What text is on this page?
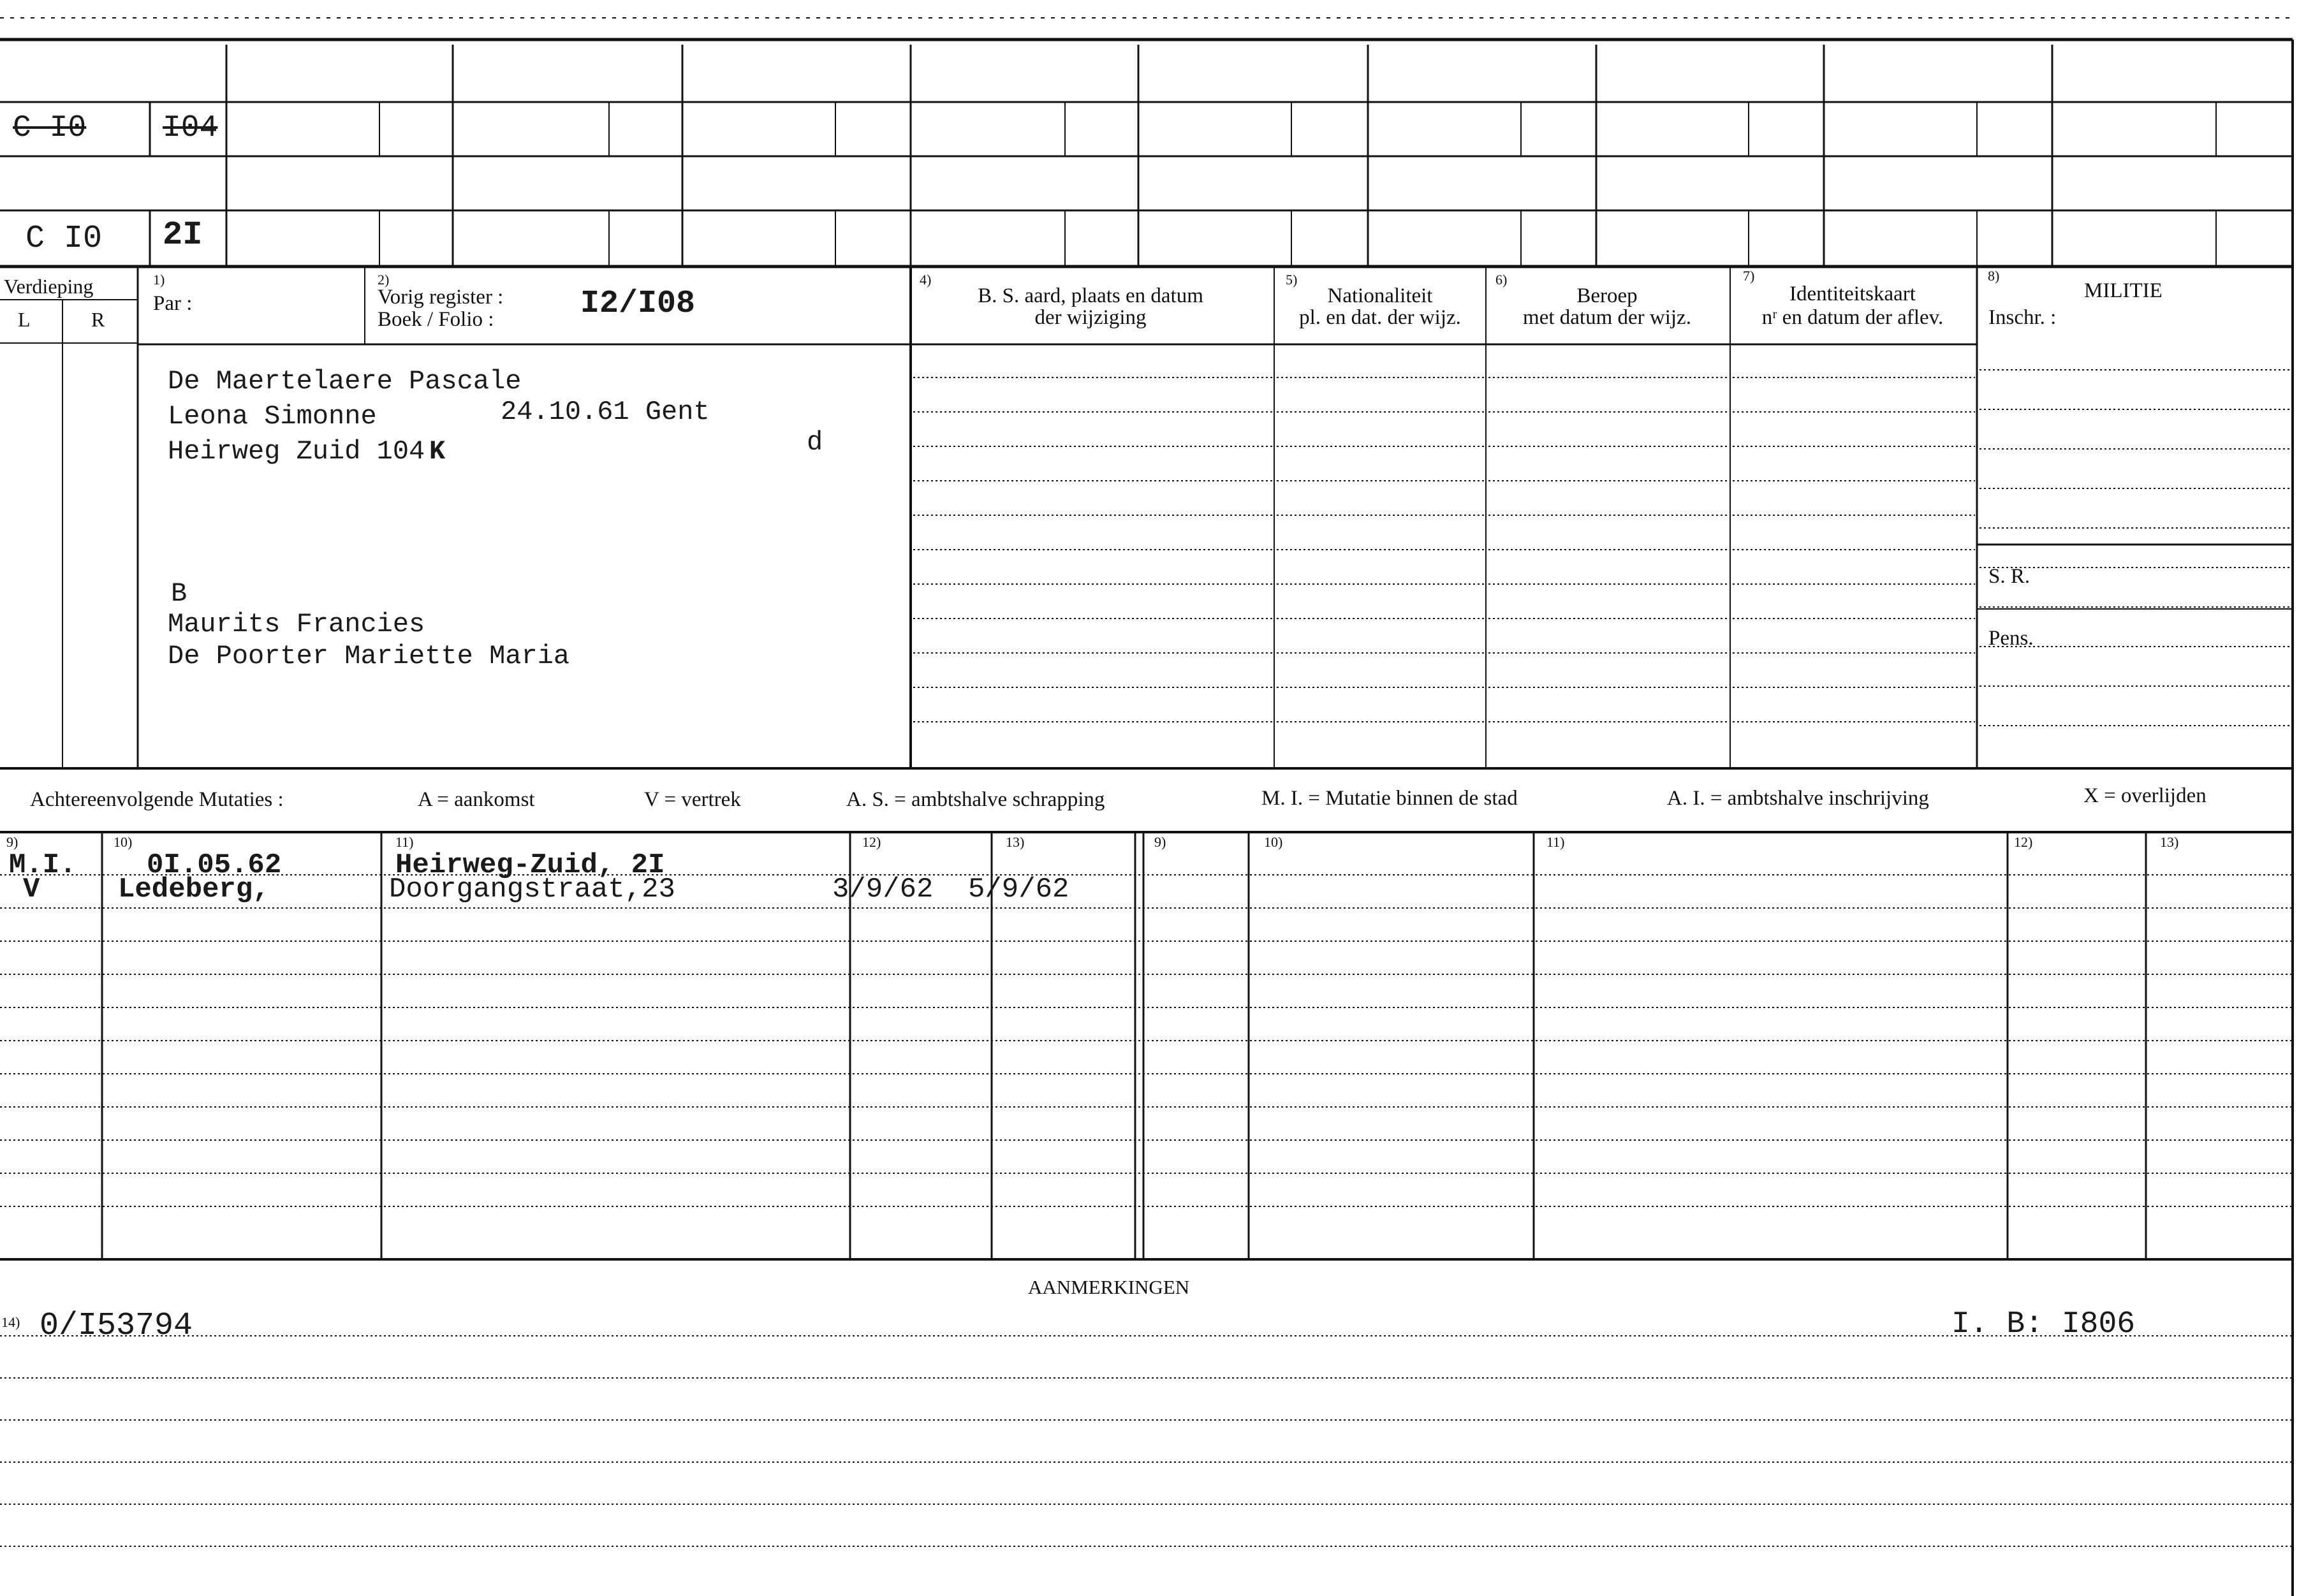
C I0 I04
C I0 2I
Verdieping
L	R
1)
Par :
2)
Vorig register :
Boek / Folio :	I2/I08
4)
B. S. aard, plaats en datum
der wijziging
5)
Nationaliteit
pl. en dat. der wijz.
6)
Beroep
met datum der wijz.
7)
Identiteitskaart
nʳ en datum der aflev.
8)
MILITIE
Inschr. :
S. R.
Pens.
De Maertelaere Pascale
Leona Simonne	24.10.61 Gent
Heirweg Zuid 104 K	d
B
Maurits Francies
De Poorter Mariette Maria
Achtereenvolgende Mutaties :	A = aankomst	V = vertrek	A. S. = ambtshalve schrapping	M. I. = Mutatie binnen de stad	A. I. = ambtshalve inschrijving	X = overlijden
9)	10)	11)	12)	13)	9)	10)	11)	12)	13)
M.I.	0I.05.62	Heirweg-Zuid, 2I
V	Ledeberg,	Doorgangstraat,23	3/9/62 5/9/62
AANMERKINGEN
14) 0/I53794	I. B: I806
